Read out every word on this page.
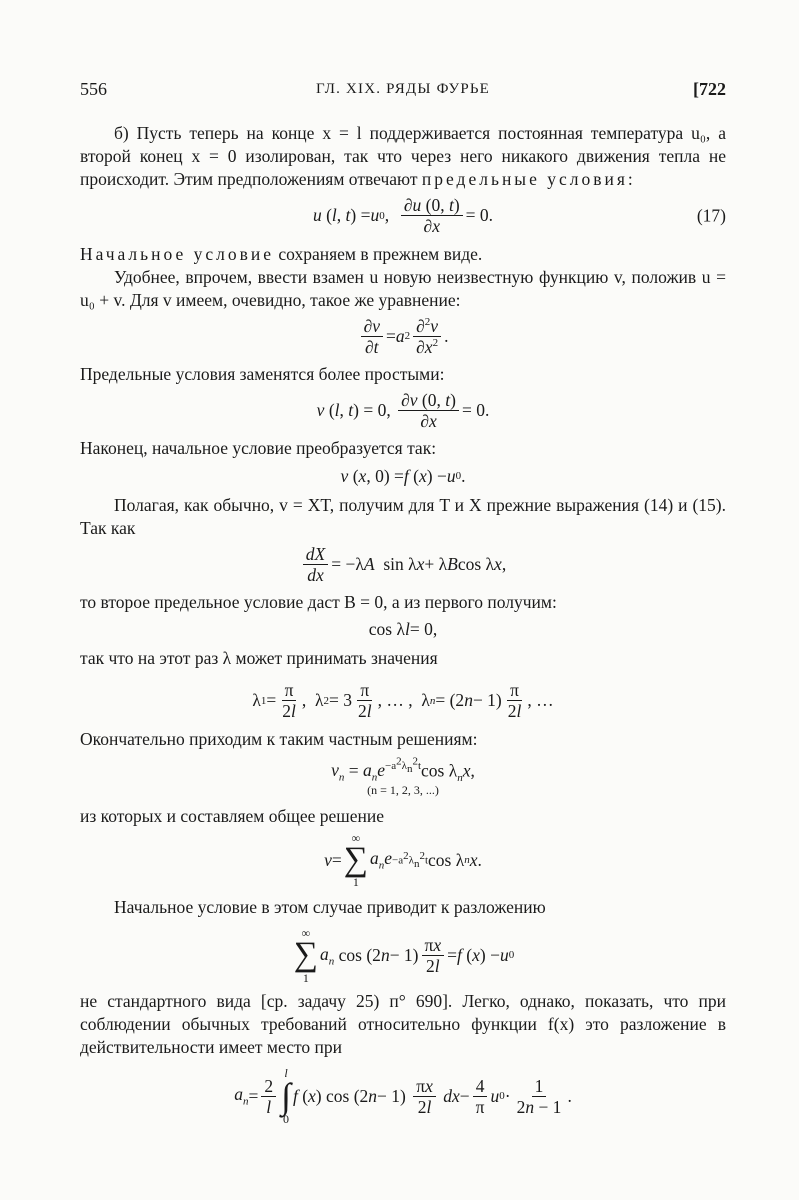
556	ГЛ. XIX. РЯДЫ ФУРЬЕ	[722

б) Пусть теперь на конце x = l поддерживается постоянная температура u₀, а второй конец x = 0 изолирован, так что через него никакого движения тепла не происходит. Этим предположениям отвечают предельные условия:

u ( l , t ) = u 0 , $\frac{\partial u (0, t)}{\partial x} = 0$.	(17)

Начальное условие сохраняем в прежнем виде.

Удобнее, впрочем, ввести взамен u новую неизвестную функцию v, положив u = u₀ + v. Для v имеем, очевидно, такое же уравнение:

$\frac{\partial v}{\partial t} = a$ $2 \frac{\partial^2v}{\partial x^2}$ .

Предельные условия заменятся более простыми:

v ( l , t ) = 0, $\frac{\partial v (0, t)}{\partial x} = 0$.

Наконец, начальное условие преобразуется так:

v ( x , 0) = f ( x ) − u 0 .

Полагая, как обычно, v = XT, получим для T и X прежние выражения (14) и (15). Так как

$\frac{dX}{dx} = -\lambda$ A sin λ x + λ B cos λ x ,

то второе предельное условие даст B = 0, а из первого получим:

cos λ l = 0,

так что на этот раз λ может принимать значения

λ $1 = \frac{\pi}{2l}$ ,  λ $2 = 3 \frac{\pi}{2l}$ , … ,  λ n = (2 $n - 1) \frac{\pi}{2l}$ , …

Окончательно приходим к таким частным решениям:

$v_n = a_ne^{-a^2\lambda_n^2t}\cos$ $\lambda_nx$,
(n = 1, 2, 3, ...)

из которых и составляем общее решение

v =
∞
∑
1
$a_ne -a^2\lambda_n^2t$ cos λ n x .

Начальное условие в этом случае приводит к разложению

∞
∑
1
$a_n$ cos (2 $n - 1) \frac{\pi x}{2l} = f$ ( x ) − u 0

не стандартного вида [ср. задачу 25) п° 690]. Легко, однако, показать, что при соблюдении обычных требований относительно функции f(x) это разложение в действительности имеет место при

$a_n = \frac{2}{l}$
l
∫
0
f ( x ) cos (2 $n - 1) \frac{\pi x}{2l}$
dx − $\frac{4}{\pi}$ u $0 \cdot \frac{1}{2n - 1}$ .
